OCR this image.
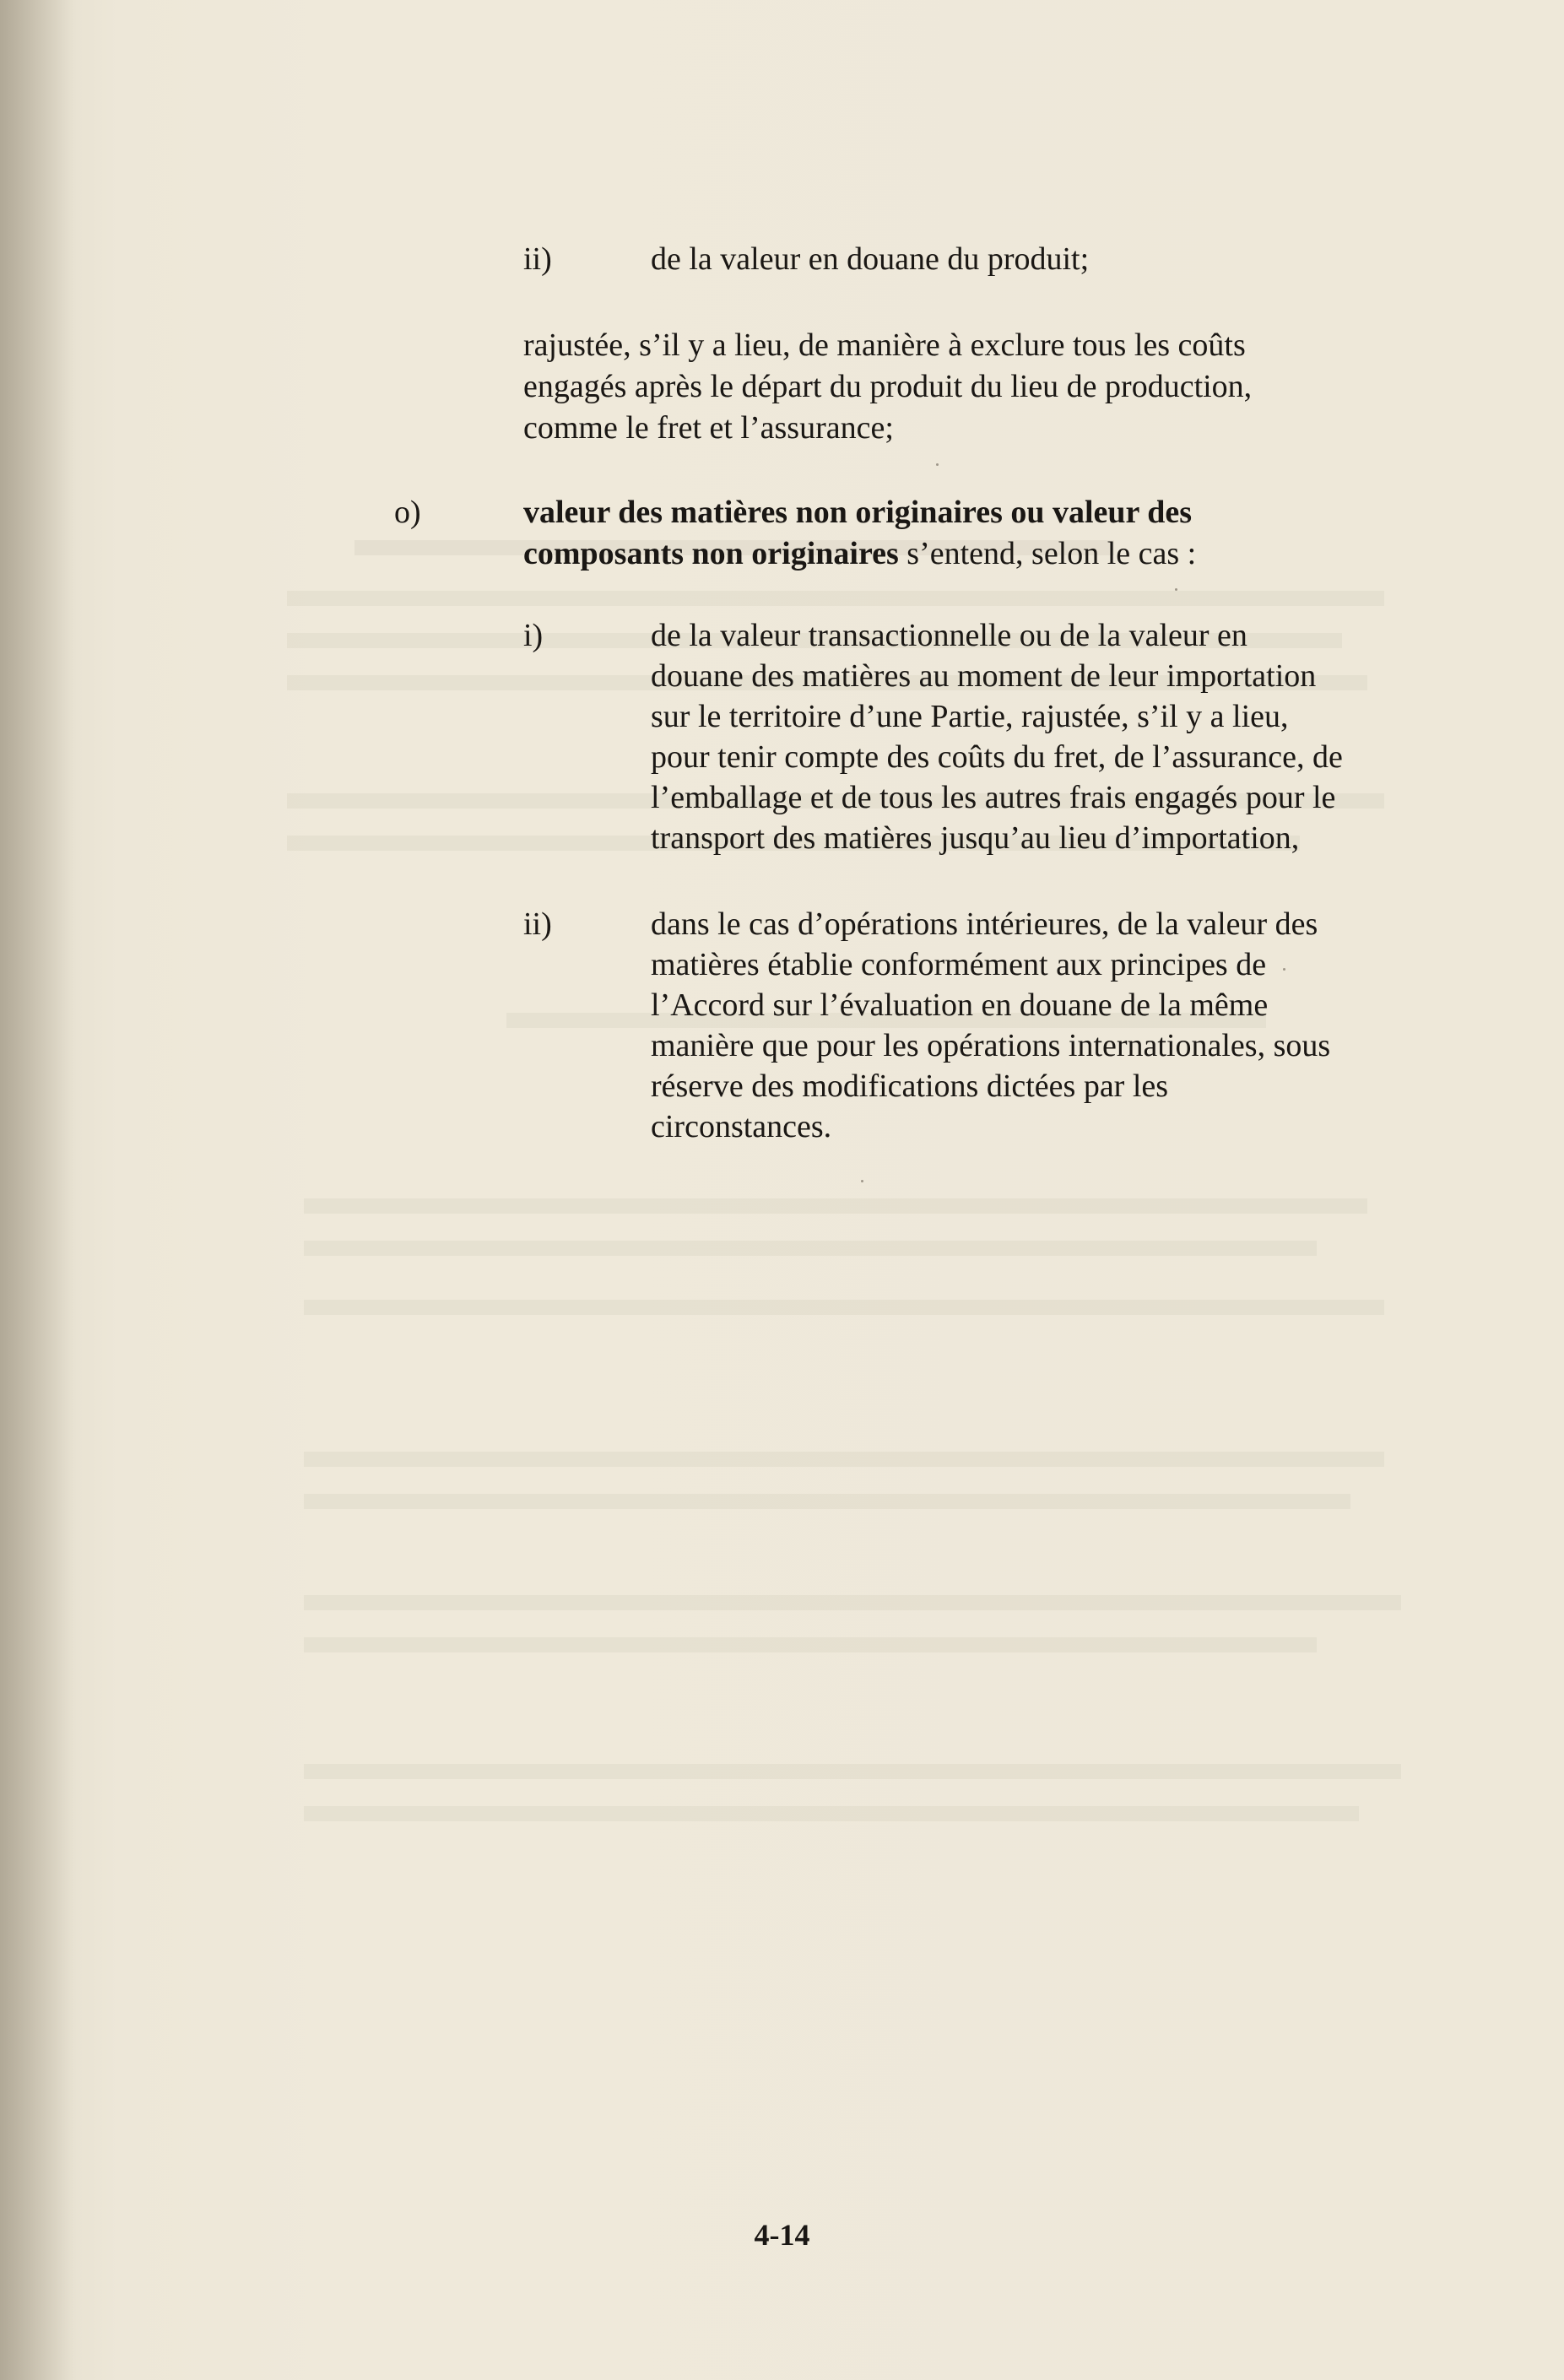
ii)	de la valeur en douane du produit;
rajustée, s’il y a lieu, de manière à exclure tous les coûts
engagés après le départ du produit du lieu de production,
comme le fret et l’assurance;
o)	valeur des matières non originaires ou valeur des
composants non originaires s’entend, selon le cas :
i)	de la valeur transactionnelle ou de la valeur en
douane des matières au moment de leur importation
sur le territoire d’une Partie, rajustée, s’il y a lieu,
pour tenir compte des coûts du fret, de l’assurance, de
l’emballage et de tous les autres frais engagés pour le
transport des matières jusqu’au lieu d’importation,
ii)	dans le cas d’opérations intérieures, de la valeur des
matières établie conformément aux principes de
l’Accord sur l’évaluation en douane de la même
manière que pour les opérations internationales, sous
réserve des modifications dictées par les
circonstances.
4-14
